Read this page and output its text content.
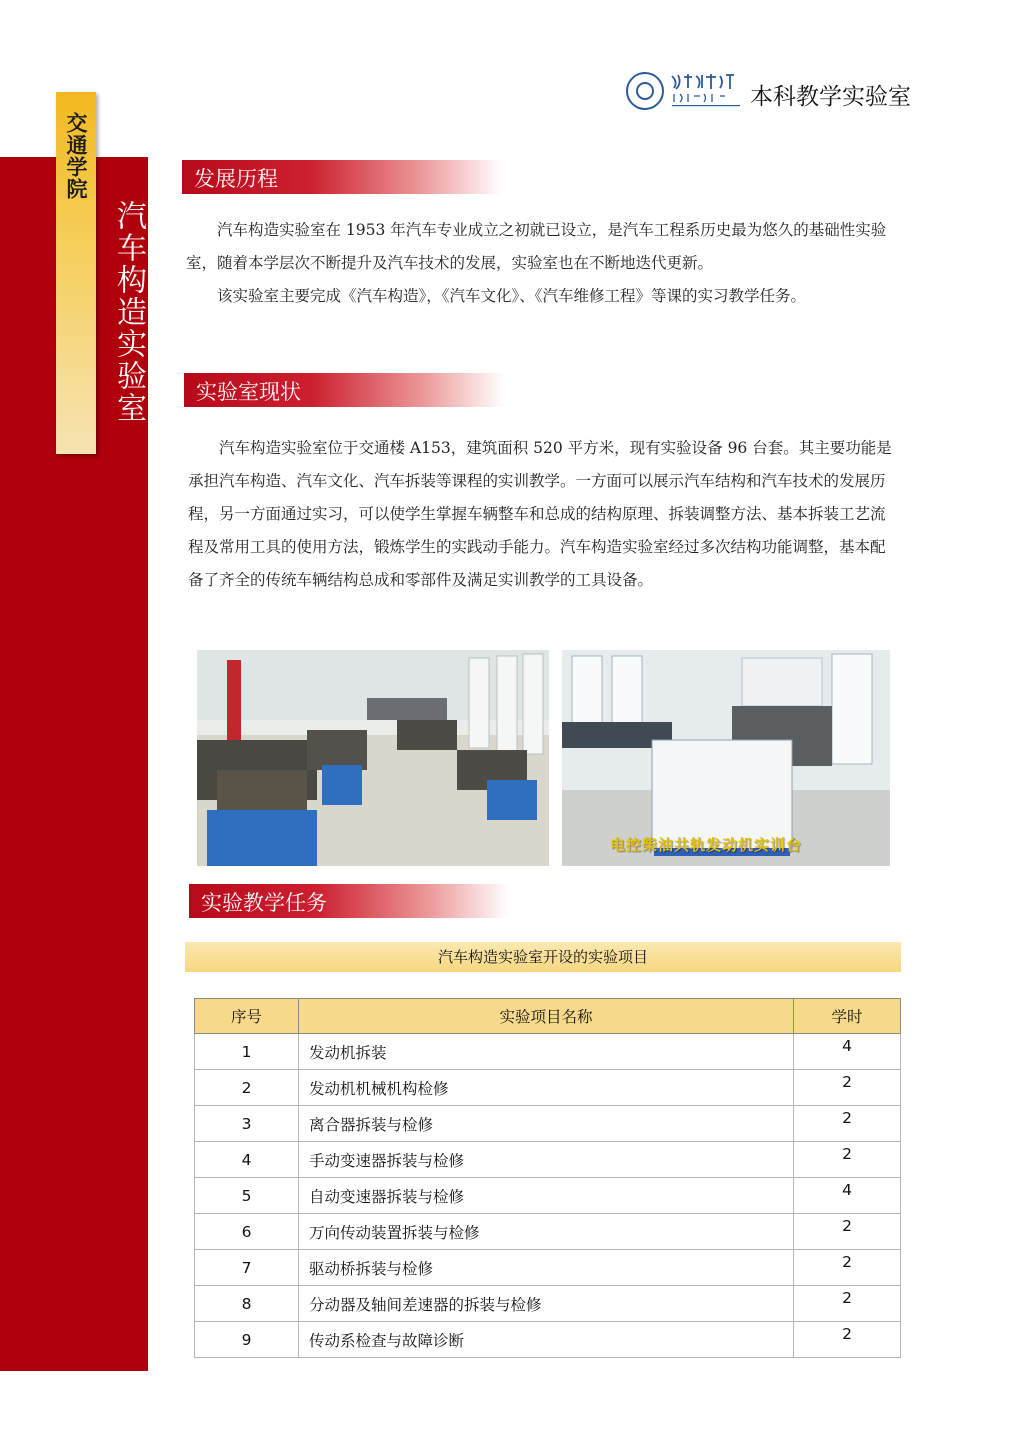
交通学院
汽车构造实验室
本科教学实验室
发展历程

汽车构造实验室在 1953 年汽车专业成立之初就已设立，是汽车工程系历史最为悠久的基础性实验室，随着本学层次不断提升及汽车技术的发展，实验室也在不断地迭代更新。

该实验室主要完成《汽车构造》，《汽车文化》、《汽车维修工程》等课的实习教学任务。

实验室现状

汽车构造实验室位于交通楼 A153，建筑面积 520 平方米，现有实验设备 96 台套。其主要功能是承担汽车构造、汽车文化、汽车拆装等课程的实训教学。一方面可以展示汽车结构和汽车技术的发展历程，另一方面通过实习，可以使学生掌握车辆整车和总成的结构原理、拆装调整方法、基本拆装工艺流程及常用工具的使用方法，锻炼学生的实践动手能力。汽车构造实验室经过多次结构功能调整，基本配备了齐全的传统车辆结构总成和零部件及满足实训教学的工具设备。

电控柴油共轨发动机实训台
实验教学任务
汽车构造实验室开设的实验项目
序号	实验项目名称	学时
1	发动机拆装	4
2	发动机机械机构检修	2
3	离合器拆装与检修	2
4	手动变速器拆装与检修	2
5	自动变速器拆装与检修	4
6	万向传动装置拆装与检修	2
7	驱动桥拆装与检修	2
8	分动器及轴间差速器的拆装与检修	2
9	传动系检查与故障诊断	2
